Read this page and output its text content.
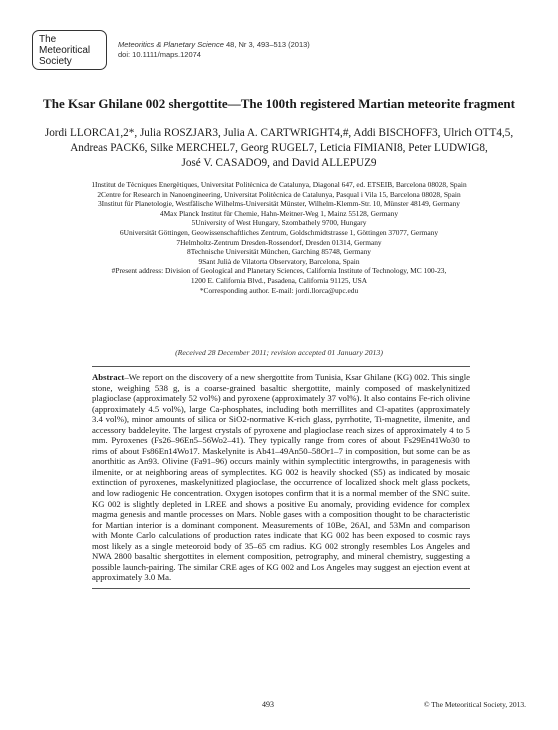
The
Meteoritical
Society
Meteoritics & Planetary Science 48, Nr 3, 493–513 (2013)
doi: 10.1111/maps.12074
The Ksar Ghilane 002 shergottite—The 100th registered Martian meteorite fragment
Jordi LLORCA1,2*, Julia ROSZJAR3, Julia A. CARTWRIGHT4,#, Addi BISCHOFF3, Ulrich OTT4,5,
Andreas PACK6, Silke MERCHEL7, Georg RUGEL7, Leticia FIMIANI8, Peter LUDWIG8,
José V. CASADO9, and David ALLEPUZ9
1Institut de Tècniques Energètiques, Universitat Politècnica de Catalunya, Diagonal 647, ed. ETSEIB, Barcelona 08028, Spain
2Centre for Research in Nanoengineering, Universitat Politècnica de Catalunya, Pasqual i Vila 15, Barcelona 08028, Spain
3Institut für Planetologie, Westfälische Wilhelms-Universität Münster, Wilhelm-Klemm-Str. 10, Münster 48149, Germany
4Max Planck Institut für Chemie, Hahn-Meitner-Weg 1, Mainz 55128, Germany
5University of West Hungary, Szombathely 9700, Hungary
6Universität Göttingen, Geowissenschaftliches Zentrum, Goldschmidtstrasse 1, Göttingen 37077, Germany
7Helmholtz-Zentrum Dresden-Rossendorf, Dresden 01314, Germany
8Technische Universität München, Garching 85748, Germany
9Sant Julià de Vilatorta Observatory, Barcelona, Spain
#Present address: Division of Geological and Planetary Sciences, California Institute of Technology, MC 100-23,
1200 E. California Blvd., Pasadena, California 91125, USA
*Corresponding author. E-mail: jordi.llorca@upc.edu
(Received 28 December 2011; revision accepted 01 January 2013)
Abstract–We report on the discovery of a new shergottite from Tunisia, Ksar Ghilane (KG) 002. This single stone, weighing 538 g, is a coarse-grained basaltic shergottite, mainly composed of maskelynitized plagioclase (approximately 52 vol%) and pyroxene (approximately 37 vol%). It also contains Fe-rich olivine (approximately 4.5 vol%), large Ca-phosphates, including both merrillites and Cl-apatites (approximately 3.4 vol%), minor amounts of silica or SiO2-normative K-rich glass, pyrrhotite, Ti-magnetite, ilmenite, and accessory baddeleyite. The largest crystals of pyroxene and plagioclase reach sizes of approximately 4 to 5 mm. Pyroxenes (Fs26–96En5–56Wo2–41). They typically range from cores of about Fs29En41Wo30 to rims of about Fs86En14Wo17. Maskelynite is Ab41–49An50–58Or1–7 in composition, but some can be as anorthitic as An93. Olivine (Fa91–96) occurs mainly within symplectitic intergrowths, in paragenesis with ilmenite, or at neighboring areas of symplectites. KG 002 is heavily shocked (S5) as indicated by mosaic extinction of pyroxenes, maskelynitized plagioclase, the occurrence of localized shock melt glass pockets, and low radiogenic He concentration. Oxygen isotopes confirm that it is a normal member of the SNC suite. KG 002 is slightly depleted in LREE and shows a positive Eu anomaly, providing evidence for complex magma genesis and mantle processes on Mars. Noble gases with a composition thought to be characteristic for Martian interior is a dominant component. Measurements of 10Be, 26Al, and 53Mn and comparison with Monte Carlo calculations of production rates indicate that KG 002 has been exposed to cosmic rays most likely as a single meteoroid body of 35–65 cm radius. KG 002 strongly resembles Los Angeles and NWA 2800 basaltic shergottites in element composition, petrography, and mineral chemistry, suggesting a possible launch-pairing. The similar CRE ages of KG 002 and Los Angeles may suggest an ejection event at approximately 3.0 Ma.
493	© The Meteoritical Society, 2013.
